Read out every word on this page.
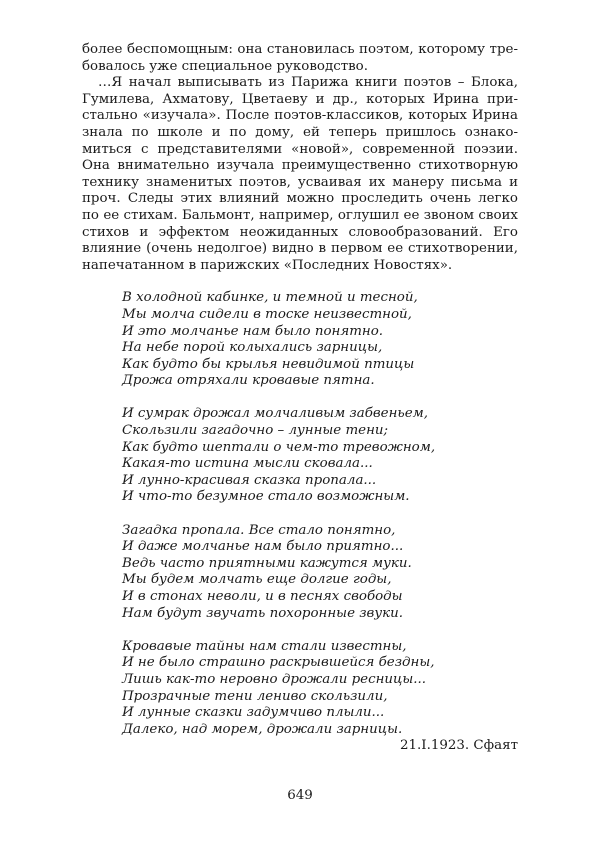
более беспомощным: она становилась поэтом, которому требовалось уже специальное руководство.

…Я начал выписывать из Парижа книги поэтов – Блока, Гумилева, Ахматову, Цветаеву и др., которых Ирина пристально «изучала». После поэтов-классиков, которых Ирина знала по школе и по дому, ей теперь пришлось ознакомиться с представителями «новой», современной поэзии. Она внимательно изучала преимущественно стихотворную технику знаменитых поэтов, усваивая их манеру письма и проч. Следы этих влияний можно проследить очень легко по ее стихам. Бальмонт, например, оглушил ее звоном своих стихов и эффектом неожиданных словообразований. Его влияние (очень недолгое) видно в первом ее стихотворении, напечатанном в парижских «Последних Новостях».

В холодной кабинке, и темной и тесной,
Мы молча сидели в тоске неизвестной,
И это молчанье нам было понятно.
На небе порой колыхались зарницы,
Как будто бы крылья невидимой птицы
Дрожа отряхали кровавые пятна.
И сумрак дрожал молчаливым забвеньем,
Скользили загадочно – лунные тени;
Как будто шептали о чем-то тревожном,
Какая-то истина мысли сковала...
И лунно-красивая сказка пропала...
И что-то безумное стало возможным.
Загадка пропала. Все стало понятно,
И даже молчанье нам было приятно...
Ведь часто приятными кажутся муки.
Мы будем молчать еще долгие годы,
И в стонах неволи, и в песнях свободы
Нам будут звучать похоронные звуки.
Кровавые тайны нам стали известны,
И не было страшно раскрывшейся бездны,
Лишь как-то неровно дрожали ресницы...
Прозрачные тени лениво скользили,
И лунные сказки задумчиво плыли...
Далеко, над морем, дрожали зарницы.
21.I.1923. Сфаят
649
